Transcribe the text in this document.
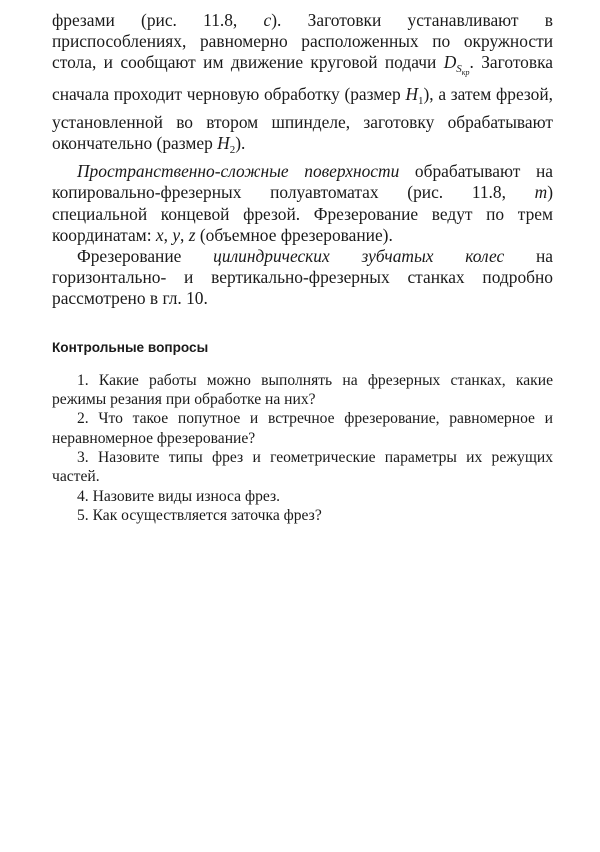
фрезами (рис. 11.8, c). Заготовки устанавливают в приспособлениях, равномерно расположенных по окружности стола, и сообщают им движение круговой подачи $D_{S_{кр}}$. Заготовка сначала проходит черновую обработку (размер $H_1$), а затем фрезой, установленной во втором шпинделе, заготовку обрабатывают окончательно (размер $H_2$).

Пространственно-сложные поверхности обрабатывают на копировально-фрезерных полуавтоматах (рис. 11.8, m) специальной концевой фрезой. Фрезерование ведут по трем координатам: x, y, z (объемное фрезерование).

Фрезерование цилиндрических зубчатых колес на горизонтально- и вертикально-фрезерных станках подробно рассмотрено в гл. 10.

Контрольные вопросы

1. Какие работы можно выполнять на фрезерных станках, какие режимы резания при обработке на них?

2. Что такое попутное и встречное фрезерование, равномерное и неравномерное фрезерование?

3. Назовите типы фрез и геометрические параметры их режущих частей.

4. Назовите виды износа фрез.

5. Как осуществляется заточка фрез?
